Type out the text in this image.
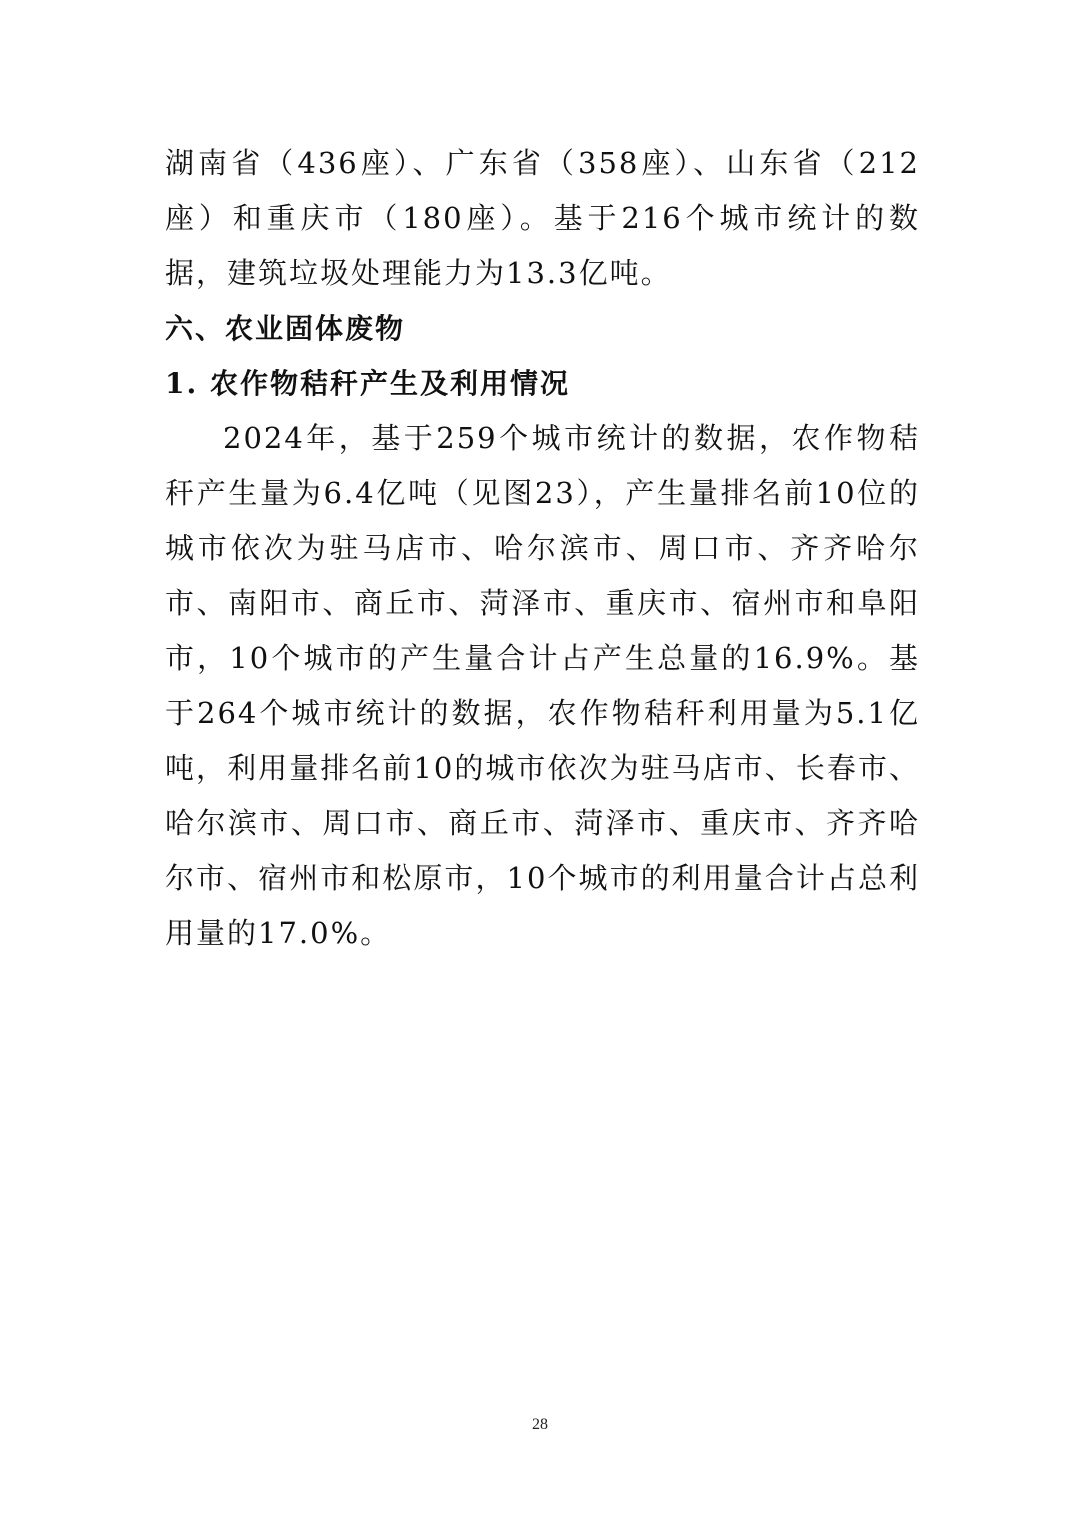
湖南省（436座）、广东省（358座）、山东省（212座）和重庆市（180座）。基于216个城市统计的数据，建筑垃圾处理能力为13.3亿吨。

六、农业固体废物
1. 农作物秸秆产生及利用情况

2024年，基于259个城市统计的数据，农作物秸秆产生量为6.4亿吨（见图23），产生量排名前10位的城市依次为驻马店市、哈尔滨市、周口市、齐齐哈尔市、南阳市、商丘市、菏泽市、重庆市、宿州市和阜阳市，10个城市的产生量合计占产生总量的16.9%。基于264个城市统计的数据，农作物秸秆利用量为5.1亿吨，利用量排名前10的城市依次为驻马店市、长春市、哈尔滨市、周口市、商丘市、菏泽市、重庆市、齐齐哈尔市、宿州市和松原市，10个城市的利用量合计占总利用量的17.0%。

28
